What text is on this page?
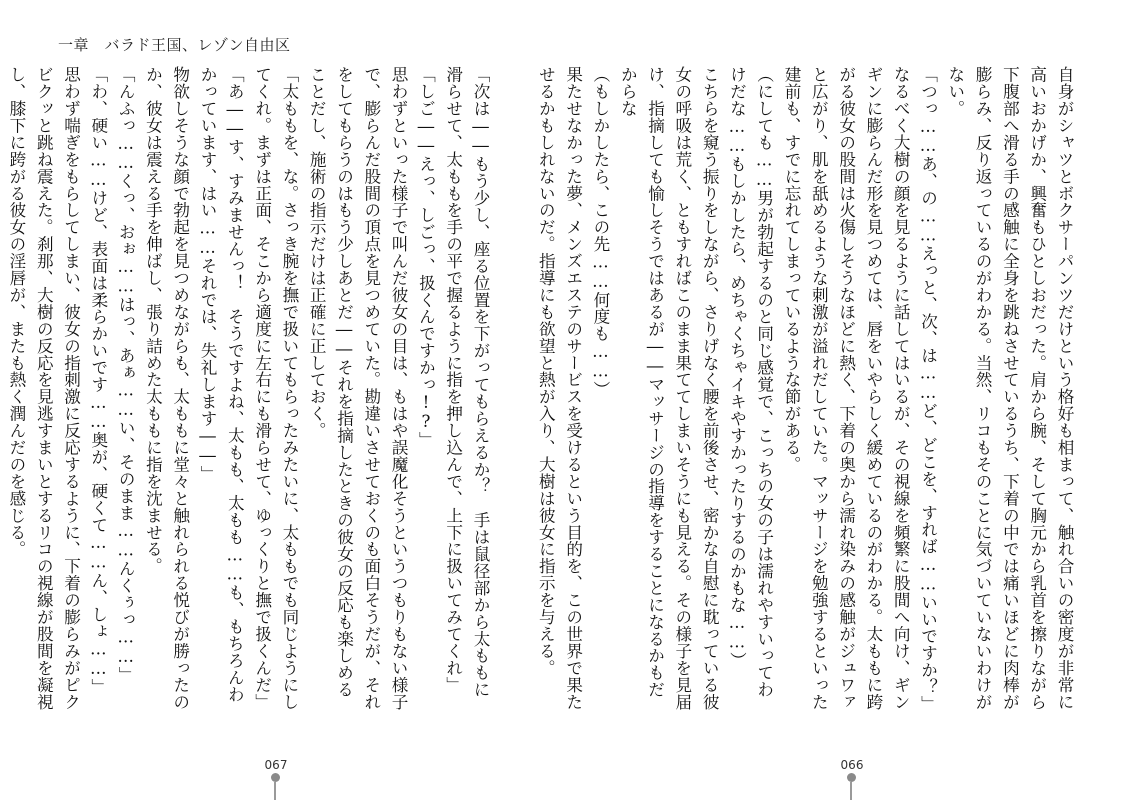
一章　バラド王国、レゾン自由区

「次は――もう少し、座る位置を下がってもらえるか？　手は鼠径部から太ももに滑らせて、太ももを手の平で握るように指を押し込んで、上下に扱いてみてくれ」

「しご――えっ、しごっ、扱くんですかっ!?」

思わずといった様子で叫んだ彼女の目は、もはや誤魔化そうというつもりもない様子で、膨らんだ股間の頂点を見つめていた。勘違いさせておくのも面白そうだが、それをしてもらうのはもう少しあとだ――それを指摘したときの彼女の反応も楽しめることだし、施術の指示だけは正確に正しておく。

「太ももを、な。さっき腕を撫で扱いてもらったみたいに、太ももでも同じようにしてくれ。まずは正面、そこから適度に左右にも滑らせて、ゆっくりと撫で扱くんだ」

「あ――す、すみませんっ！　そうですよね、太もも、太もも……も、もちろんわかっています、はい……それでは、失礼します――」

物欲しそうな顔で勃起を見つめながらも、太ももに堂々と触れられる悦びが勝ったのか、彼女は震える手を伸ばし、張り詰めた太ももに指を沈ませる。

「んふっ……くっ、おぉ……はっ、あぁ……い、そのまま……んくぅっ……」

「わ、硬い……けど、表面は柔らかいです……奥が、硬くて……ん、しょ……」

思わず喘ぎをもらしてしまい、彼女の指刺激に反応するように、下着の膨らみがピクビクッと跳ね震えた。刹那、大樹の反応を見逃すまいとするリコの視線が股間を凝視し、膝下に跨がる彼女の淫唇が、またも熱く潤んだのを感じる。

067

自身がシャツとボクサーパンツだけという格好も相まって、触れ合いの密度が非常に高いおかげか、興奮もひとしおだった。肩から腕、そして胸元から乳首を擦りながら下腹部へ滑る手の感触に全身を跳ねさせているうち、下着の中では痛いほどに肉棒が膨らみ、反り返っているのがわかる。当然、リコもそのことに気づいていないわけがない。

「つっ……あ、の……えっと、次、は……ど、どこを、すれば……いいですか？」

なるべく大樹の顔を見るように話してはいるが、その視線を頻繁に股間へ向け、ギンギンに膨らんだ形を見つめては、唇をいやらしく緩めているのがわかる。太ももに跨がる彼女の股間は火傷しそうなほどに熱く、下着の奥から濡れ染みの感触がジュワァと広がり、肌を舐めるような刺激が溢れだしていた。マッサージを勉強するといった建前も、すでに忘れてしまっているような節がある。

（にしても……男が勃起するのと同じ感覚で、こっちの女の子は濡れやすいってわけだな……もしかしたら、めちゃくちゃイキやすかったりするのかもな……）

こちらを窺う振りをしながら、さりげなく腰を前後させ、密かな自慰に耽っている彼女の呼吸は荒く、ともすればこのまま果ててしまいそうにも見える。その様子を見届け、指摘しても愉しそうではあるが――マッサージの指導をすることになるかもだからな

（もしかしたら、この先……何度も……）

果たせなかった夢、メンズエステのサービスを受けるという目的を、この世界で果たせるかもしれないのだ。指導にも欲望と熱が入り、大樹は彼女に指示を与える。

066
